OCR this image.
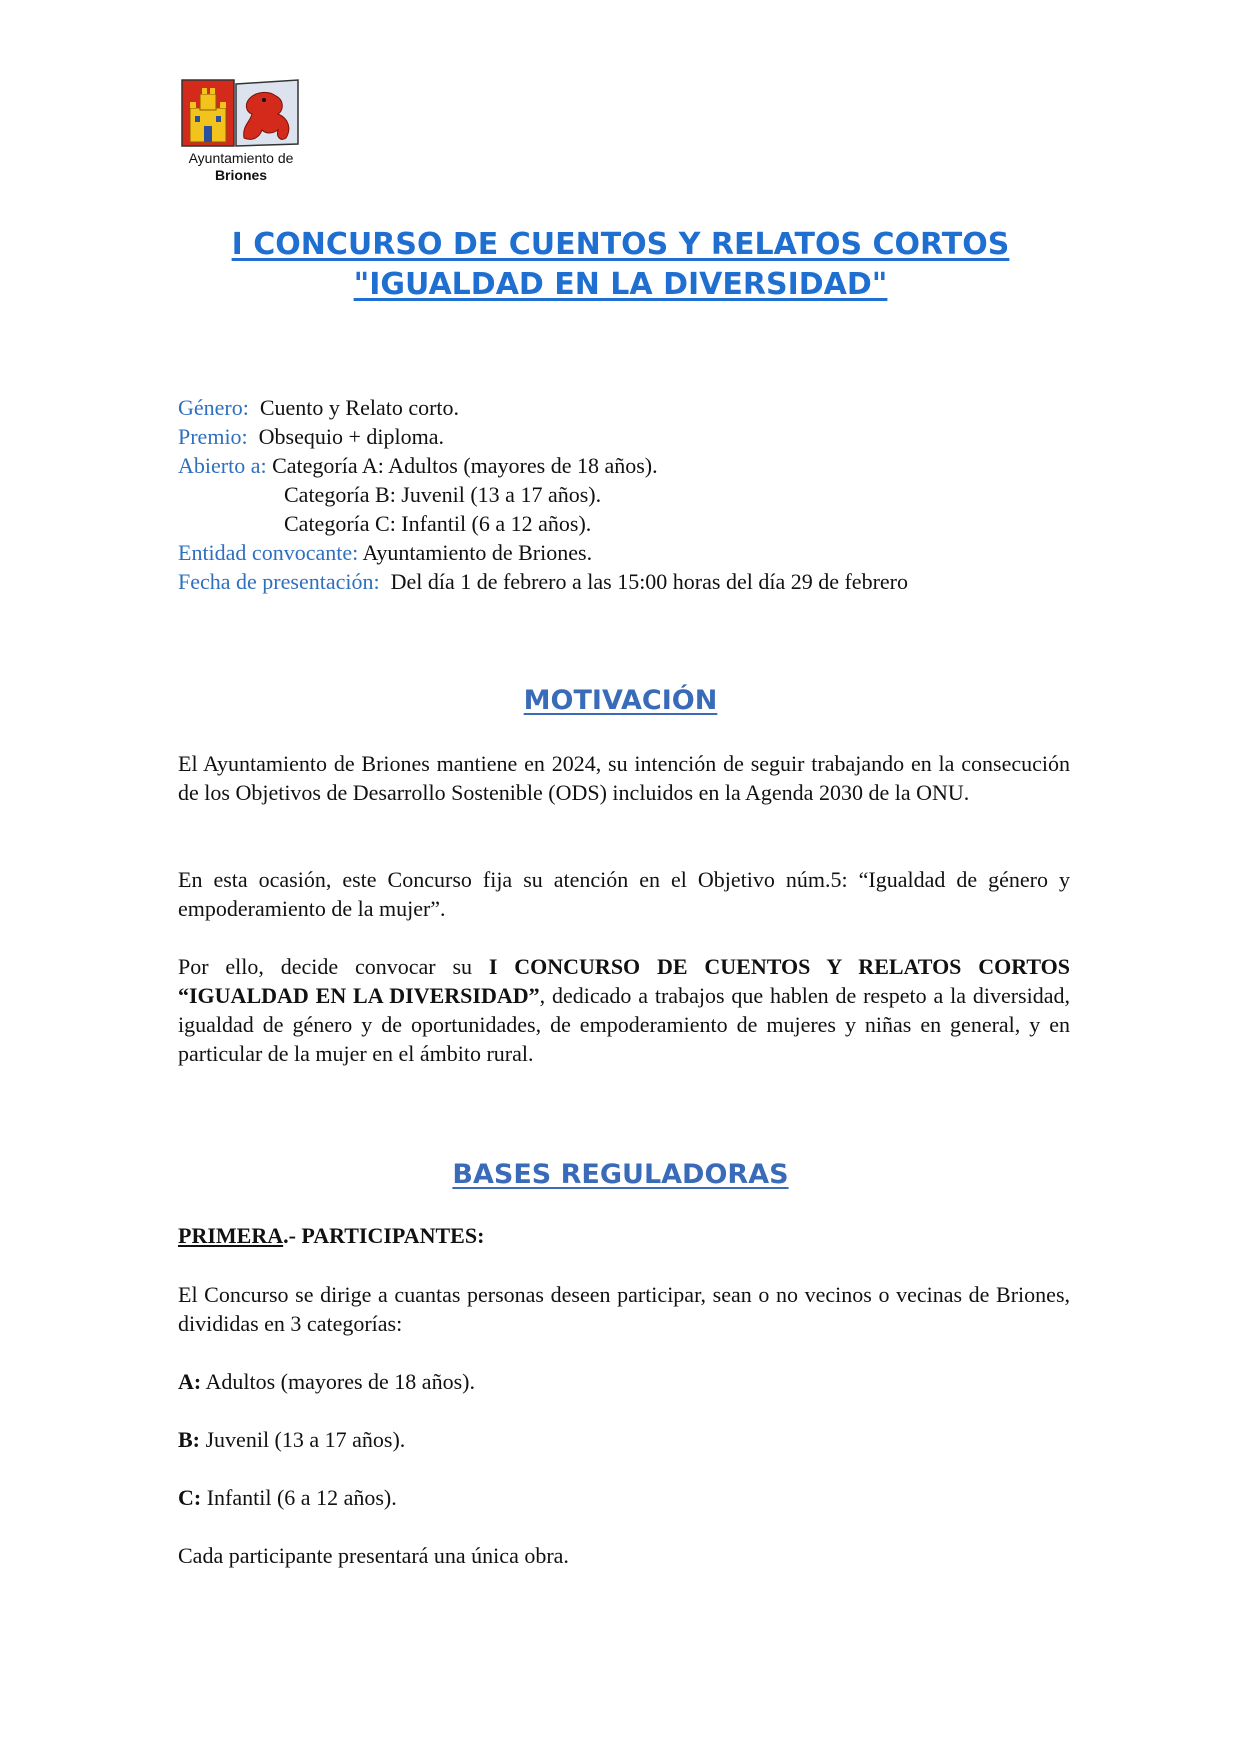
Ayuntamiento de
Briones
I CONCURSO DE CUENTOS Y RELATOS CORTOS
"IGUALDAD EN LA DIVERSIDAD"
Género: Cuento y Relato corto.
Premio: Obsequio + diploma.
Abierto a: Categoría A: Adultos (mayores de 18 años).
Categoría B: Juvenil (13 a 17 años).
Categoría C: Infantil (6 a 12 años).
Entidad convocante: Ayuntamiento de Briones.
Fecha de presentación: Del día 1 de febrero a las 15:00 horas del día 29 de febrero
MOTIVACIÓN

El Ayuntamiento de Briones mantiene en 2024, su intención de seguir trabajando en la consecución de los Objetivos de Desarrollo Sostenible (ODS) incluidos en la Agenda 2030 de la ONU.

En esta ocasión, este Concurso fija su atención en el Objetivo núm.5: “Igualdad de género y empoderamiento de la mujer”.

Por ello, decide convocar su I CONCURSO DE CUENTOS Y RELATOS CORTOS “IGUALDAD EN LA DIVERSIDAD”, dedicado a trabajos que hablen de respeto a la diversidad, igualdad de género y de oportunidades, de empoderamiento de mujeres y niñas en general, y en particular de la mujer en el ámbito rural.

BASES REGULADORAS

PRIMERA.- PARTICIPANTES:

El Concurso se dirige a cuantas personas deseen participar, sean o no vecinos o vecinas de Briones, divididas en 3 categorías:

A: Adultos (mayores de 18 años).

B: Juvenil (13 a 17 años).

C: Infantil (6 a 12 años).

Cada participante presentará una única obra.
